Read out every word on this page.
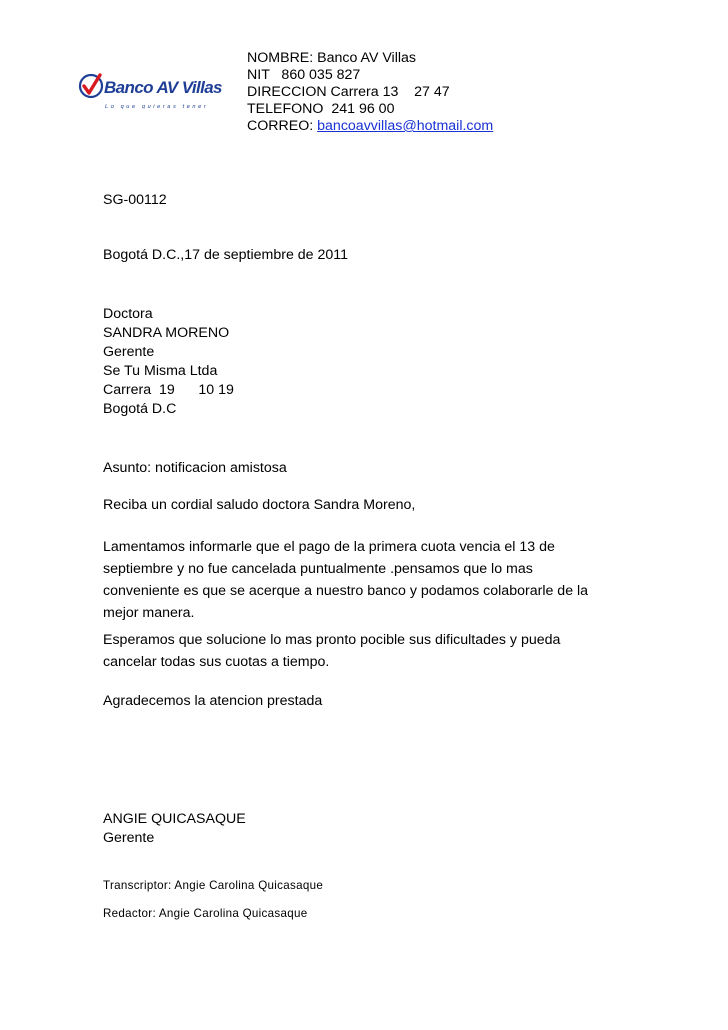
Banco AV Villas
Lo que quieras tener
NOMBRE: Banco AV Villas
NIT   860 035 827
DIRECCION Carrera 13    27 47
TELEFONO  241 96 00
CORREO: bancoavvillas@hotmail.com
SG-00112
Bogotá D.C.,17 de septiembre de 2011
Doctora
SANDRA MORENO
Gerente
Se Tu Misma Ltda
Carrera  19      10 19
Bogotá D.C
Asunto: notificacion amistosa
Reciba un cordial saludo doctora Sandra Moreno,
Lamentamos informarle que el pago de la primera cuota vencia el 13 de
septiembre y no fue cancelada puntualmente .pensamos que lo mas
conveniente es que se acerque a nuestro banco y podamos colaborarle de la
mejor manera.
Esperamos que solucione lo mas pronto pocible sus dificultades y pueda
cancelar todas sus cuotas a tiempo.
Agradecemos la atencion prestada
ANGIE QUICASAQUE
Gerente
Transcriptor: Angie Carolina Quicasaque
Redactor: Angie Carolina Quicasaque
